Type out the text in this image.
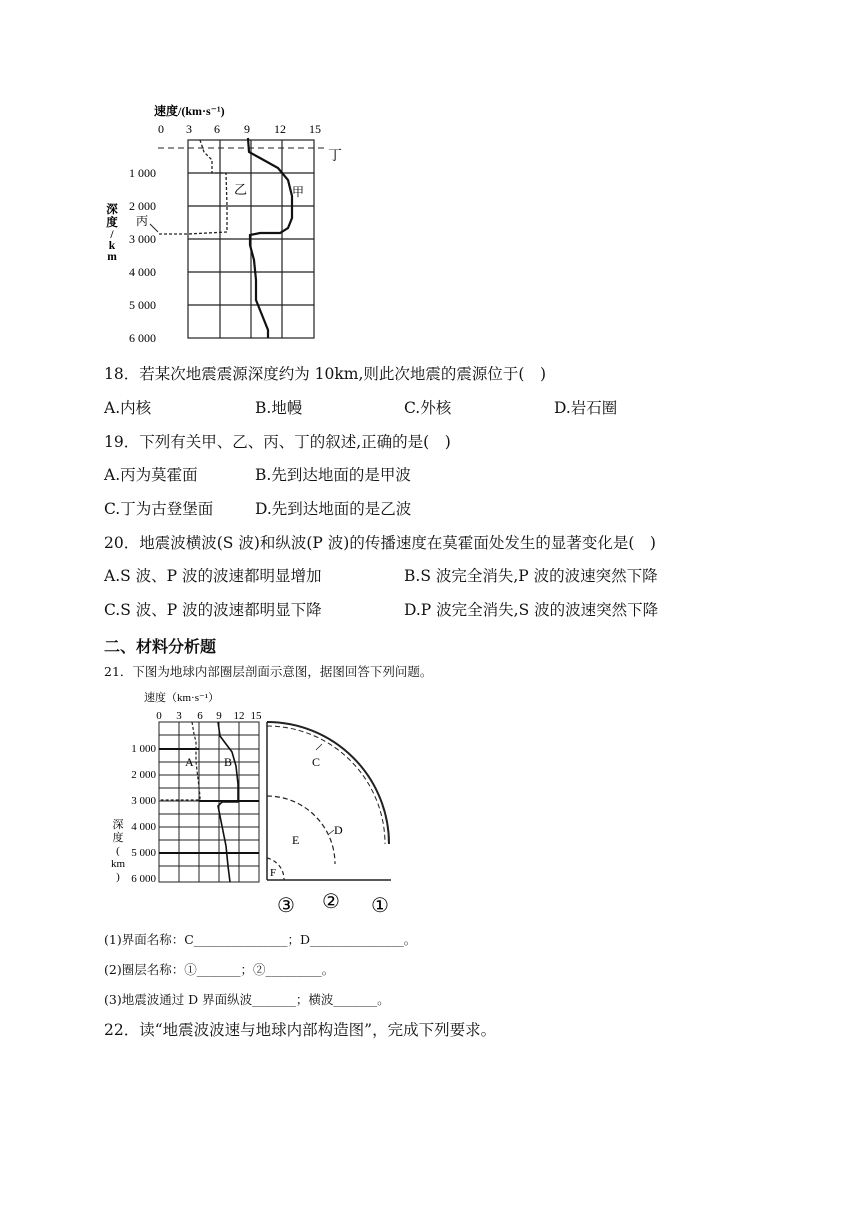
速度/(km·s⁻¹)
0 3 6 9 12 15
1 000
2 000
3 000
4 000
5 000
6 000
深
度
/
k
m
甲
乙
丙
丁
18．若某次地震震源深度约为 10km,则此次地震的震源位于(　)
A.内核	B.地幔	C.外核	D.岩石圈
19．下列有关甲、乙、丙、丁的叙述,正确的是(　)
A.丙为莫霍面	B.先到达地面的是甲波
C.丁为古登堡面	D.先到达地面的是乙波
20．地震波横波(S 波)和纵波(P 波)的传播速度在莫霍面处发生的显著变化是(　)
A.S 波、P 波的波速都明显增加	B.S 波完全消失,P 波的波速突然下降
C.S 波、P 波的波速都明显下降	D.P 波完全消失,S 波的波速突然下降
二、材料分析题
21．下图为地球内部圈层剖面示意图，据图回答下列问题。
速度（km·s⁻¹）
0 3 6 9 12 15
1 000
2 000
3 000
4 000
5 000
6 000
深
度
(
km
)
A	B	C
D
E
F
③ ② ①
(1)界面名称：C_______________；D_______________。
(2)圈层名称：①_______；②_________。
(3)地震波通过 D 界面纵波_______；横波_______。
22．读“地震波波速与地球内部构造图”，完成下列要求。
